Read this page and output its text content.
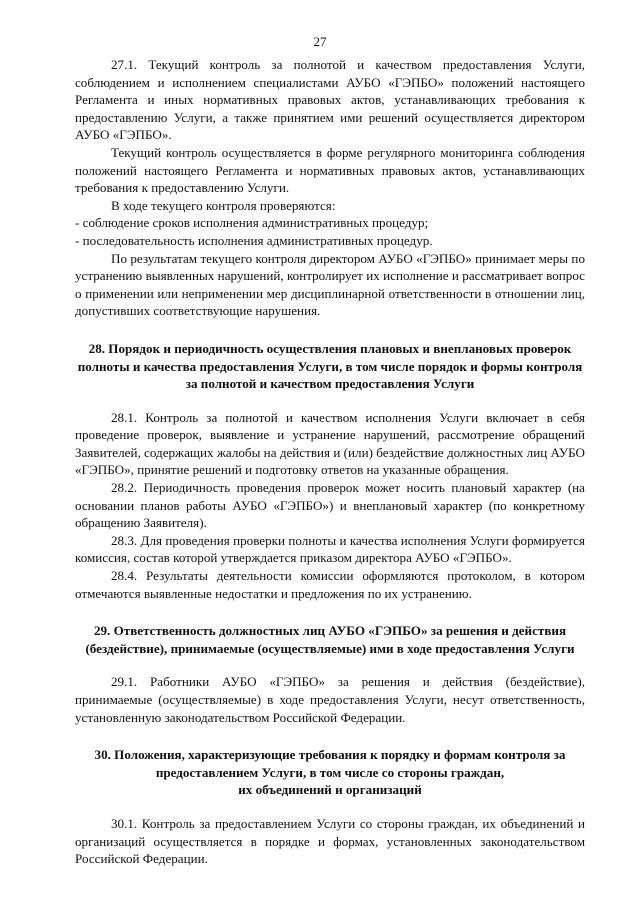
27

27.1. Текущий контроль за полнотой и качеством предоставления Услуги, соблюдением и исполнением специалистами АУБО «ГЭПБО» положений настоящего Регламента и иных нормативных правовых актов, устанавливающих требования к предоставлению Услуги, а также принятием ими решений осуществляется директором АУБО «ГЭПБО».

Текущий контроль осуществляется в форме регулярного мониторинга соблюдения положений настоящего Регламента и нормативных правовых актов, устанавливающих требования к предоставлению Услуги.

В ходе текущего контроля проверяются:

- соблюдение сроков исполнения административных процедур;

- последовательность исполнения административных процедур.

По результатам текущего контроля директором АУБО «ГЭПБО» принимает меры по устранению выявленных нарушений, контролирует их исполнение и рассматривает вопрос о применении или неприменении мер дисциплинарной ответственности в отношении лиц, допустивших соответствующие нарушения.

28. Порядок и периодичность осуществления плановых и внеплановых проверок полноты и качества предоставления Услуги, в том числе порядок и формы контроля за полнотой и качеством предоставления Услуги

28.1. Контроль за полнотой и качеством исполнения Услуги включает в себя проведение проверок, выявление и устранение нарушений, рассмотрение обращений Заявителей, содержащих жалобы на действия и (или) бездействие должностных лиц АУБО «ГЭПБО», принятие решений и подготовку ответов на указанные обращения.

28.2. Периодичность проведения проверок может носить плановый характер (на основании планов работы АУБО «ГЭПБО») и внеплановый характер (по конкретному обращению Заявителя).

28.3. Для проведения проверки полноты и качества исполнения Услуги формируется комиссия, состав которой утверждается приказом директора АУБО «ГЭПБО».

28.4. Результаты деятельности комиссии оформляются протоколом, в котором отмечаются выявленные недостатки и предложения по их устранению.

29. Ответственность должностных лиц АУБО «ГЭПБО» за решения и действия (бездействие), принимаемые (осуществляемые) ими в ходе предоставления Услуги

29.1. Работники АУБО «ГЭПБО» за решения и действия (бездействие), принимаемые (осуществляемые) в ходе предоставления Услуги, несут ответственность, установленную законодательством Российской Федерации.

30. Положения, характеризующие требования к порядку и формам контроля за

предоставлением Услуги, в том числе со стороны граждан,

их объединений и организаций

30.1. Контроль за предоставлением Услуги со стороны граждан, их объединений и организаций осуществляется в порядке и формах, установленных законодательством Российской Федерации.
